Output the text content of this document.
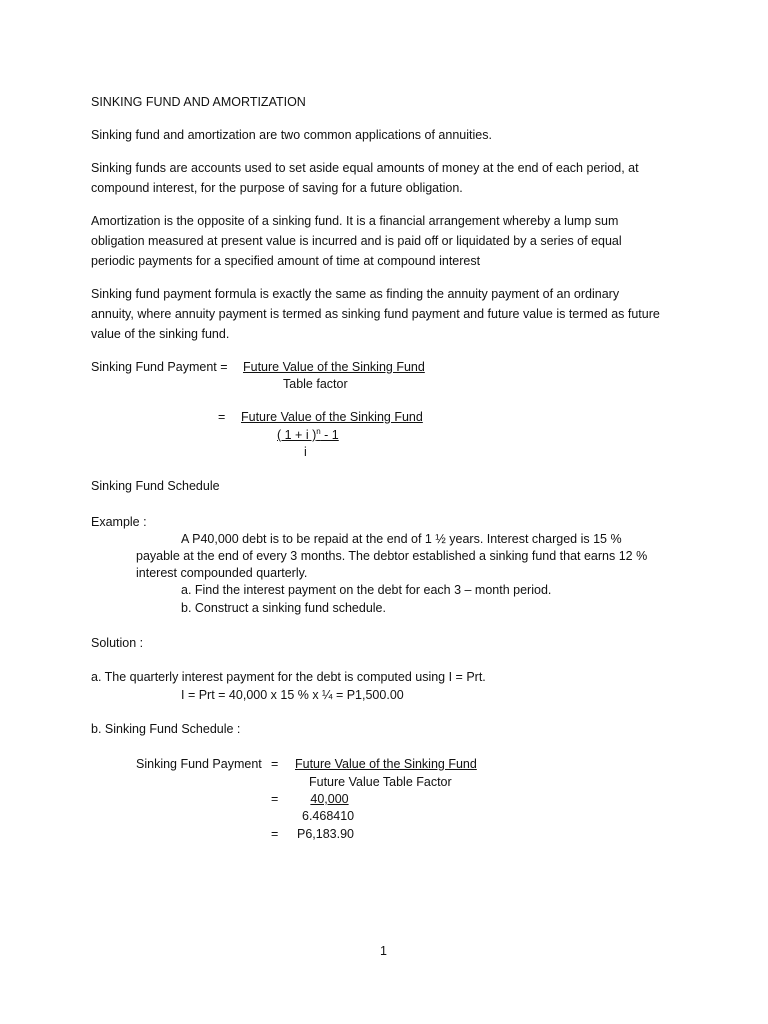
SINKING FUND AND AMORTIZATION
Sinking fund and amortization are two common applications of annuities.
Sinking funds are accounts used to set aside equal amounts of money at the end of each period, at
compound interest, for the purpose of saving for a future obligation.
Amortization is the opposite of a sinking fund. It is a financial arrangement whereby a lump sum
obligation measured at present value is incurred and is paid off or liquidated by a series of equal
periodic payments for a specified amount of time at compound interest
Sinking fund payment formula is exactly the same as finding the annuity payment of an ordinary
annuity, where annuity payment is termed as sinking fund payment and future value is termed as future
value of the sinking fund.
Sinking Fund Payment = Future Value of the Sinking Fund
Table factor
= Future Value of the Sinking Fund
( 1 + i )$^n$ - 1
i
Sinking Fund Schedule
Example :
A P40,000 debt is to be repaid at the end of 1 ½ years. Interest charged is 15 %
payable at the end of every 3 months. The debtor established a sinking fund that earns 12 %
interest compounded quarterly.
a. Find the interest payment on the debt for each 3 – month period.
b. Construct a sinking fund schedule.
Solution :
a. The quarterly interest payment for the debt is computed using I = Prt.
I = Prt = 40,000 x 15 % x ¼ = P1,500.00
b. Sinking Fund Schedule :
Sinking Fund Payment = Future Value of the Sinking Fund
Future Value Table Factor
=	40,000
6.468410
= P6,183.90
1
